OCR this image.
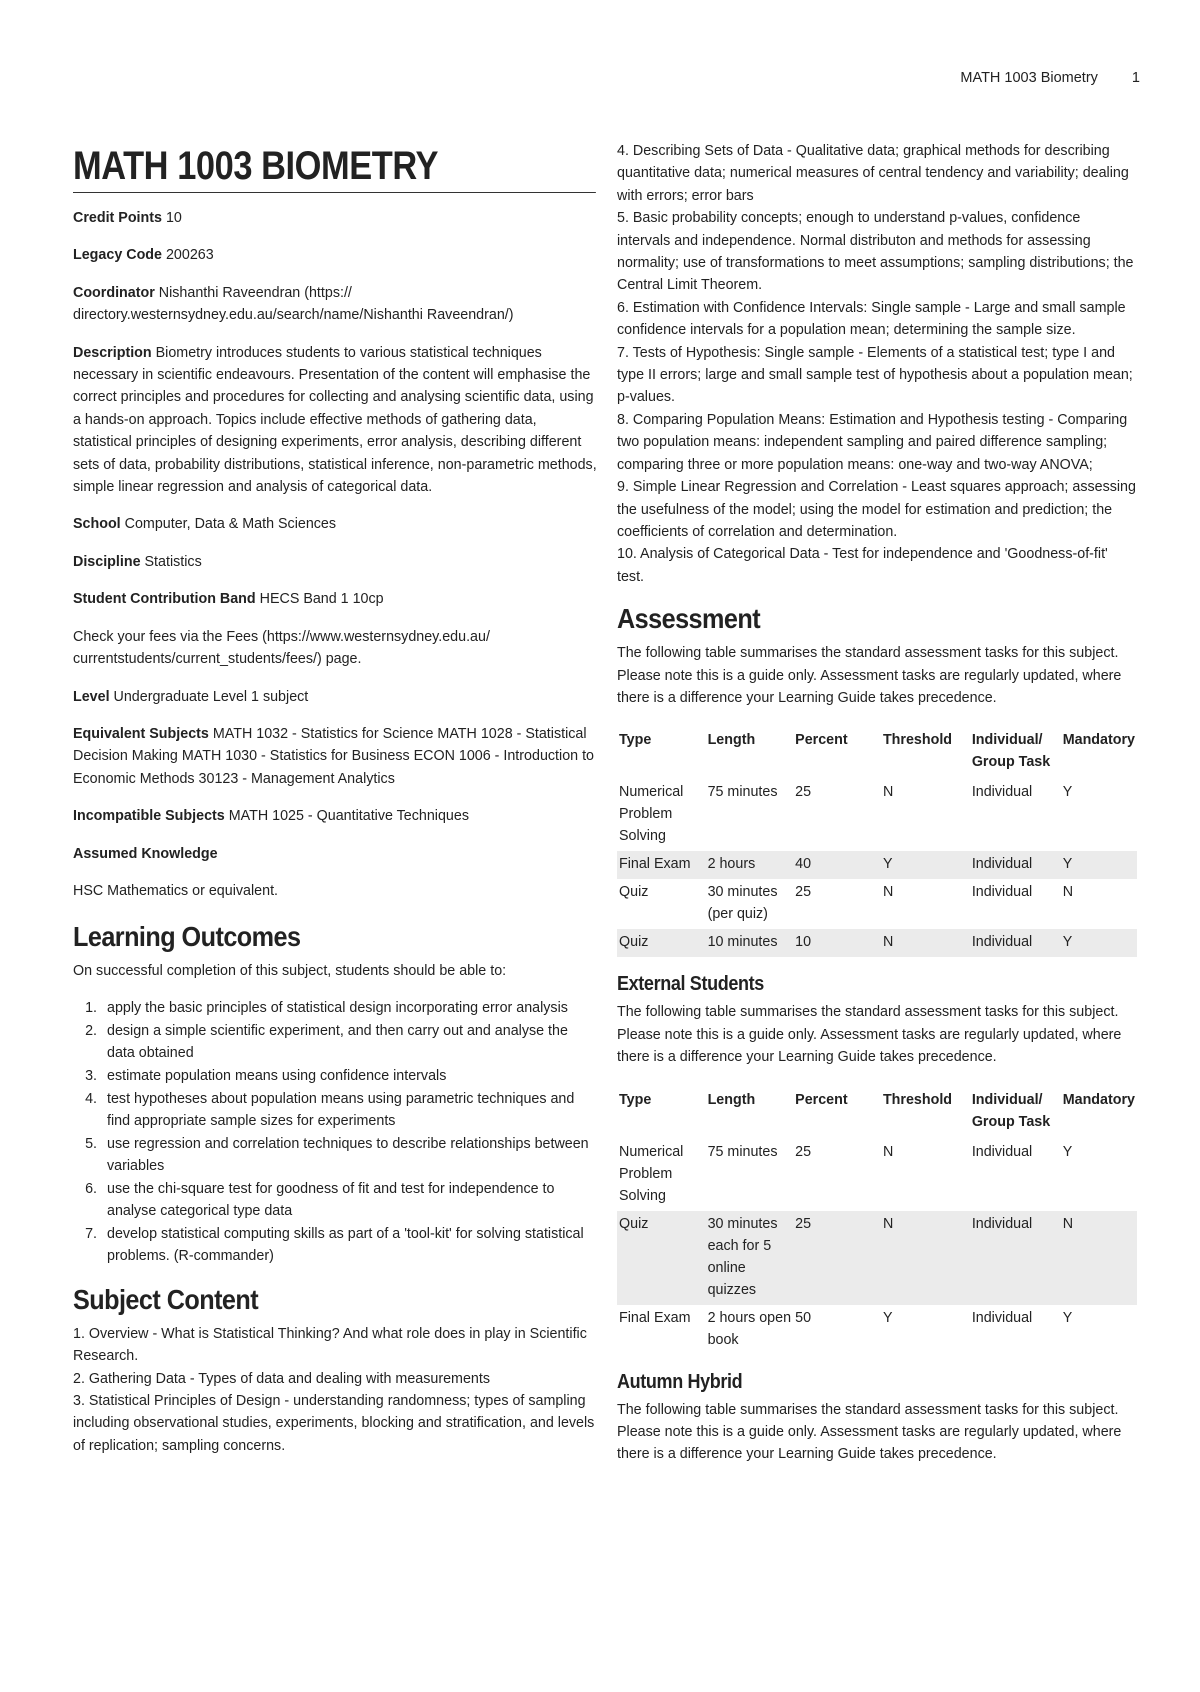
MATH 1003 Biometry 1
MATH 1003 BIOMETRY

Credit Points 10

Legacy Code 200263

Coordinator Nishanthi Raveendran (https:// directory.westernsydney.edu.au/search/name/Nishanthi Raveendran/)

Description Biometry introduces students to various statistical techniques necessary in scientific endeavours. Presentation of the content will emphasise the correct principles and procedures for collecting and analysing scientific data, using a hands-on approach. Topics include effective methods of gathering data, statistical principles of designing experiments, error analysis, describing different sets of data, probability distributions, statistical inference, non-parametric methods, simple linear regression and analysis of categorical data.

School Computer, Data & Math Sciences

Discipline Statistics

Student Contribution Band HECS Band 1 10cp

Check your fees via the Fees (https://www.westernsydney.edu.au/ currentstudents/current_students/fees/) page.

Level Undergraduate Level 1 subject

Equivalent Subjects MATH 1032 - Statistics for Science MATH 1028 - Statistical Decision Making MATH 1030 - Statistics for Business ECON 1006 - Introduction to Economic Methods 30123 - Management Analytics

Incompatible Subjects MATH 1025 - Quantitative Techniques

Assumed Knowledge

HSC Mathematics or equivalent.

Learning Outcomes

On successful completion of this subject, students should be able to:

1. apply the basic principles of statistical design incorporating error analysis
2. design a simple scientific experiment, and then carry out and analyse the data obtained
3. estimate population means using confidence intervals
4. test hypotheses about population means using parametric techniques and find appropriate sample sizes for experiments
5. use regression and correlation techniques to describe relationships between variables
6. use the chi-square test for goodness of fit and test for independence to analyse categorical type data
7. develop statistical computing skills as part of a 'tool-kit' for solving statistical problems. (R-commander)
Subject Content

1. Overview - What is Statistical Thinking? And what role does in play in Scientific Research.

2. Gathering Data - Types of data and dealing with measurements

3. Statistical Principles of Design - understanding randomness; types of sampling including observational studies, experiments, blocking and stratification, and levels of replication; sampling concerns.

4. Describing Sets of Data - Qualitative data; graphical methods for describing quantitative data; numerical measures of central tendency and variability; dealing with errors; error bars

5. Basic probability concepts; enough to understand p-values, confidence intervals and independence. Normal distributon and methods for assessing normality; use of transformations to meet assumptions; sampling distributions; the Central Limit Theorem.

6. Estimation with Confidence Intervals: Single sample - Large and small sample confidence intervals for a population mean; determining the sample size.

7. Tests of Hypothesis: Single sample - Elements of a statistical test; type I and type II errors; large and small sample test of hypothesis about a population mean; p-values.

8. Comparing Population Means: Estimation and Hypothesis testing - Comparing two population means: independent sampling and paired difference sampling; comparing three or more population means: one-way and two-way ANOVA;

9. Simple Linear Regression and Correlation - Least squares approach; assessing the usefulness of the model; using the model for estimation and prediction; the coefficients of correlation and determination.

10. Analysis of Categorical Data - Test for independence and 'Goodness-of-fit' test.

Assessment

The following table summarises the standard assessment tasks for this subject. Please note this is a guide only. Assessment tasks are regularly updated, where there is a difference your Learning Guide takes precedence.

Type	Length	Percent	Threshold	Individual/ Group Task	Mandatory
Numerical Problem Solving	75 minutes	25	N	Individual	Y
Final Exam	2 hours	40	Y	Individual	Y
Quiz	30 minutes (per quiz)	25	N	Individual	N
Quiz	10 minutes	10	N	Individual	Y
External Students

The following table summarises the standard assessment tasks for this subject. Please note this is a guide only. Assessment tasks are regularly updated, where there is a difference your Learning Guide takes precedence.

Type	Length	Percent	Threshold	Individual/ Group Task	Mandatory
Numerical Problem Solving	75 minutes	25	N	Individual	Y
Quiz	30 minutes each for 5 online quizzes	25	N	Individual	N
Final Exam	2 hours open book	50	Y	Individual	Y
Autumn Hybrid

The following table summarises the standard assessment tasks for this subject. Please note this is a guide only. Assessment tasks are regularly updated, where there is a difference your Learning Guide takes precedence.
